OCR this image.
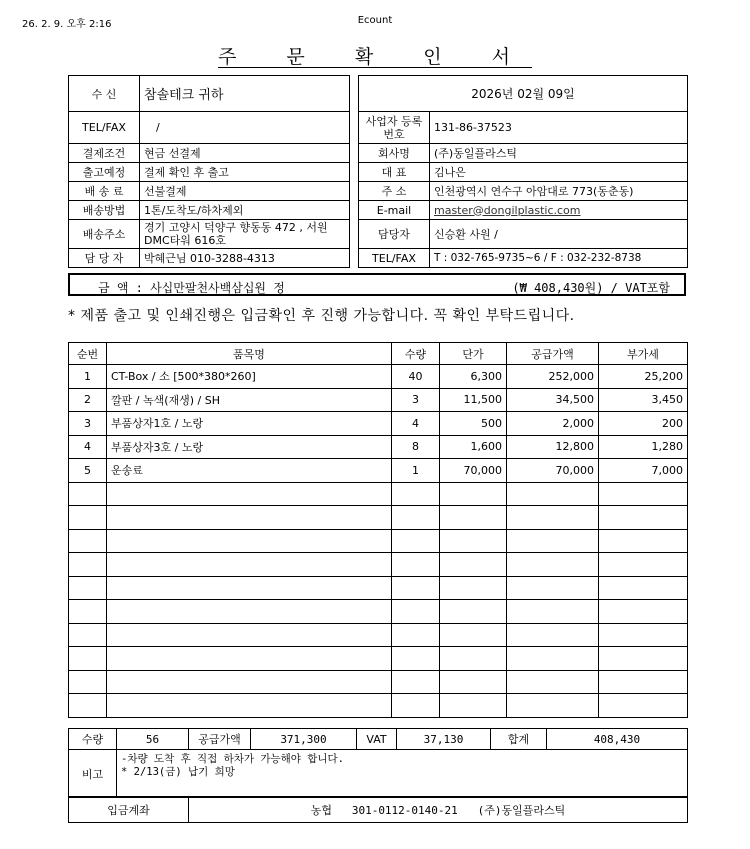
26. 2. 9. 오후 2:16	Ecount
주 문 확 인 서
수 신	참솔테크 귀하
TEL/FAX	/
결제조건	현금 선결제
출고예정	결제 확인 후 출고
배 송 료	선불결제
배송방법	1톤/도착도/하차제외
배송주소	경기 고양시 덕양구 향동동 472 , 서원 DMC타워 616호
담 당 자	박혜근님 010-3288-4313
2026년 02월 09일	
사업자 등록번호	131-86-37523
회사명	(주)동일플라스틱
대 표	김나은
주 소	인천광역시 연수구 아암대로 773(동춘동)
E-mail	master@dongilplastic.com
담당자	신승환 사원 /
TEL/FAX	T : 032-765-9735~6 / F : 032-232-8738
금 액 : 사십만팔천사백삼십원 정	(₩ 408,430원) / VAT포함
* 제품 출고 및 인쇄진행은 입금확인 후 진행 가능합니다. 꼭 확인 부탁드립니다.
순번	품목명	수량	단가	공급가액	부가세
1	CT-Box / 소 [500*380*260]	40	6,300	252,000	25,200
2	깔판 / 녹색(재생) / SH	3	11,500	34,500	3,450
3	부품상자1호 / 노랑	4	500	2,000	200
4	부품상자3호 / 노랑	8	1,600	12,800	1,280
5	운송료	1	70,000	70,000	7,000

수량	56	공급가액	371,300	VAT	37,130	합계	408,430
비고	-차량 도착 후 직접 하차가 가능해야 합니다.
* 2/13(금) 납기 희망						
입금계좌	농협   301-0112-0140-21   (주)동일플라스틱
